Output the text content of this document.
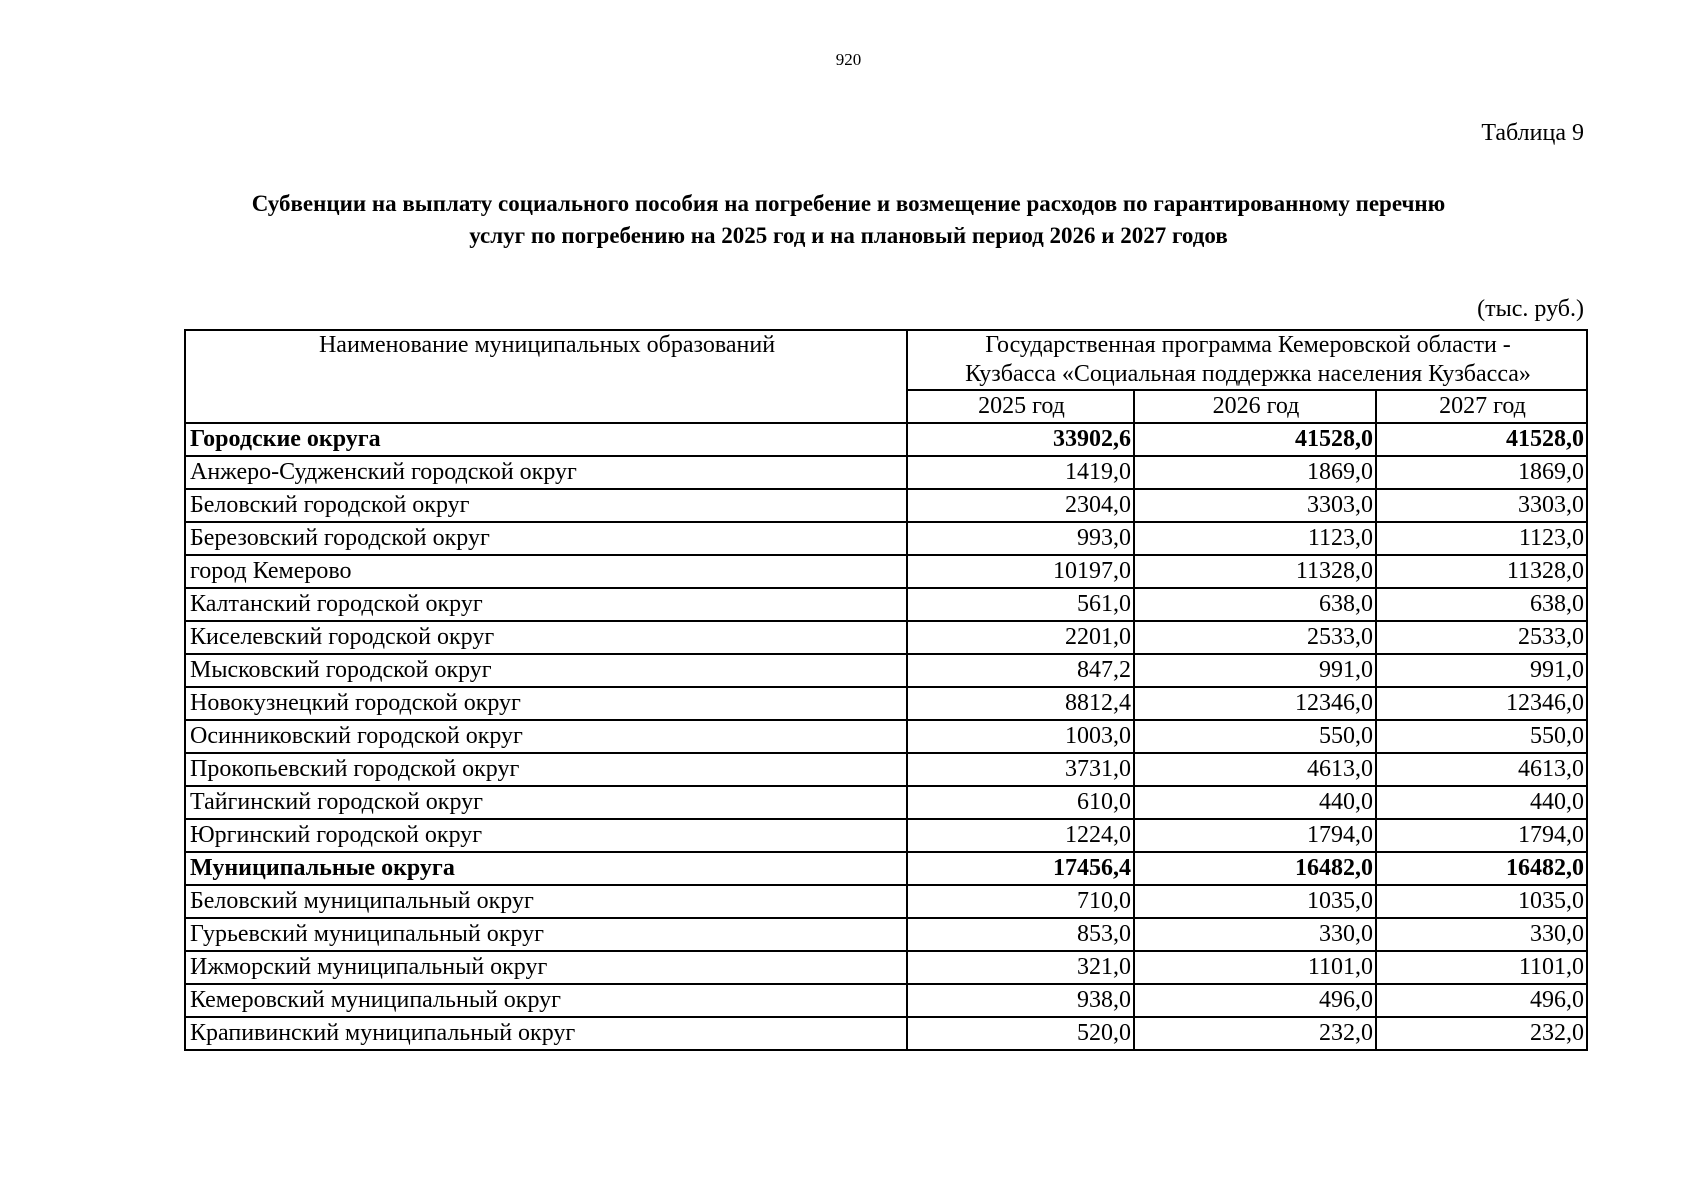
920
Таблица 9
Субвенции на выплату социального пособия на погребение и возмещение расходов по гарантированному перечню
услуг по погребению на 2025 год и на плановый период 2026 и 2027 годов
(тыс. руб.)
Наименование муниципальных образований	Государственная программа Кемеровской области -
Кузбасса «Социальная поддержка населения Кузбасса»		

	2025 год	2026 год	2027 год
Городские округа	33902,6	41528,0	41528,0
Анжеро-Судженский городской округ	1419,0	1869,0	1869,0
Беловский городской округ	2304,0	3303,0	3303,0
Березовский городской округ	993,0	1123,0	1123,0
город Кемерово	10197,0	11328,0	11328,0
Калтанский городской округ	561,0	638,0	638,0
Киселевский городской округ	2201,0	2533,0	2533,0
Мысковский городской округ	847,2	991,0	991,0
Новокузнецкий городской округ	8812,4	12346,0	12346,0
Осинниковский городской округ	1003,0	550,0	550,0
Прокопьевский городской округ	3731,0	4613,0	4613,0
Тайгинский городской округ	610,0	440,0	440,0
Юргинский городской округ	1224,0	1794,0	1794,0
Муниципальные округа	17456,4	16482,0	16482,0
Беловский муниципальный округ	710,0	1035,0	1035,0
Гурьевский муниципальный округ	853,0	330,0	330,0
Ижморский муниципальный округ	321,0	1101,0	1101,0
Кемеровский муниципальный округ	938,0	496,0	496,0
Крапивинский муниципальный округ	520,0	232,0	232,0
